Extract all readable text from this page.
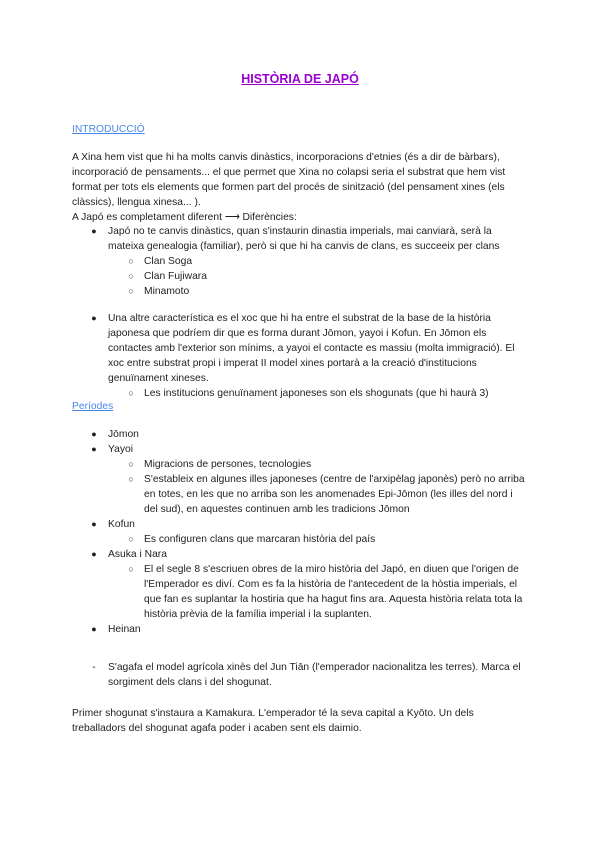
HISTÒRIA DE JAPÓ
INTRODUCCIÓ

A Xina hem vist que hi ha molts canvis dinàstics, incorporacions d'etnies (és a dir de bàrbars), incorporació de pensaments... el que permet que Xina no colapsi seria el substrat que hem vist format per tots els elements que formen part del procés de sinització (del pensament xines (els clàssics), llengua xinesa... ).

A Japó es completament diferent ⟶ Diferències:

● Japó no te canvis dinàstics, quan s'instaurin dinastia imperials, mai canviarà, serà la mateixa genealogia (familiar), però si que hi ha canvis de clans, es succeeix per clans
○ Clan Soga
○ Clan Fujiwara
○ Minamoto
● Una altre característica es el xoc que hi ha entre el substrat de la base de la història japonesa que podríem dir que es forma durant Jōmon, yayoi i Kofun. En Jōmon els contactes amb l'exterior son mínims, a yayoi el contacte es massiu (molta immigració). El xoc entre substrat propi i imperat II model xines portarà a la creació d'institucions genuïnament xineses.
○ Les institucions genuïnament japoneses son els shogunats (que hi haurà 3)
Períodes
● Jōmon
● Yayoi
○ Migracions de persones, tecnologies
○ S'estableix en algunes illes japoneses (centre de l'arxipèlag japonès) però no arriba en totes, en les que no arriba son les anomenades Epi-Jōmon (les illes del nord i del sud), en aquestes continuen amb les tradicions Jōmon
● Kofun
○ Es configuren clans que marcaran història del país
● Asuka i Nara
○ El el segle 8 s'escriuen obres de la miro història del Japó, en diuen que l'origen de l'Emperador es diví. Com es fa la història de l'antecedent de la hòstia imperials, el que fan es suplantar la hostiria que ha hagut fins ara. Aquesta història relata tota la història prèvia de la família imperial i la suplanten.
● Heinan
-	S'agafa el model agrícola xinès del Jun Tiān (l'emperador nacionalitza les terres). Marca el sorgiment dels clans i del shogunat.

Primer shogunat s'instaura a Kamakura. L'emperador té la seva capital a Kyōto. Un dels treballadors del shogunat agafa poder i acaben sent els daimio.
